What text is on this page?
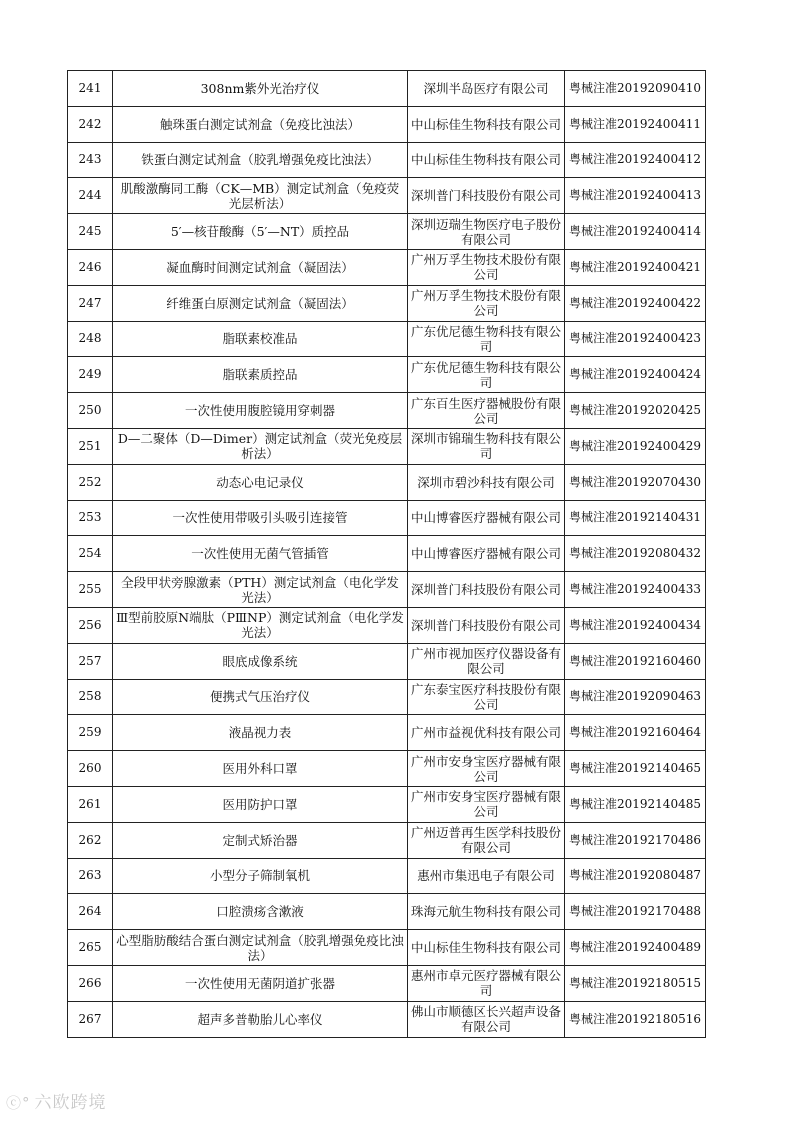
241	308nm紫外光治疗仪	深圳半岛医疗有限公司	粤械注准20192090410
242	触珠蛋白测定试剂盒（免疫比浊法）	中山标佳生物科技有限公司	粤械注准20192400411
243	铁蛋白测定试剂盒（胶乳增强免疫比浊法）	中山标佳生物科技有限公司	粤械注准20192400412
244	肌酸激酶同工酶（CK—MB）测定试剂盒（免疫荧光层析法）	深圳普门科技股份有限公司	粤械注准20192400413
245	5′—核苷酸酶（5′—NT）质控品	深圳迈瑞生物医疗电子股份有限公司	粤械注准20192400414
246	凝血酶时间测定试剂盒（凝固法）	广州万孚生物技术股份有限公司	粤械注准20192400421
247	纤维蛋白原测定试剂盒（凝固法）	广州万孚生物技术股份有限公司	粤械注准20192400422
248	脂联素校准品	广东优尼德生物科技有限公司	粤械注准20192400423
249	脂联素质控品	广东优尼德生物科技有限公司	粤械注准20192400424
250	一次性使用腹腔镜用穿刺器	广东百生医疗器械股份有限公司	粤械注准20192020425
251	D—二聚体（D—Dimer）测定试剂盒（荧光免疫层析法）	深圳市锦瑞生物科技有限公司	粤械注准20192400429
252	动态心电记录仪	深圳市碧沙科技有限公司	粤械注准20192070430
253	一次性使用带吸引头吸引连接管	中山博睿医疗器械有限公司	粤械注准20192140431
254	一次性使用无菌气管插管	中山博睿医疗器械有限公司	粤械注准20192080432
255	全段甲状旁腺激素（PTH）测定试剂盒（电化学发光法）	深圳普门科技股份有限公司	粤械注准20192400433
256	Ⅲ型前胶原N端肽（PⅢNP）测定试剂盒（电化学发光法）	深圳普门科技股份有限公司	粤械注准20192400434
257	眼底成像系统	广州市视加医疗仪器设备有限公司	粤械注准20192160460
258	便携式气压治疗仪	广东泰宝医疗科技股份有限公司	粤械注准20192090463
259	液晶视力表	广州市益视优科技有限公司	粤械注准20192160464
260	医用外科口罩	广州市安身宝医疗器械有限公司	粤械注准20192140465
261	医用防护口罩	广州市安身宝医疗器械有限公司	粤械注准20192140485
262	定制式矫治器	广州迈普再生医学科技股份有限公司	粤械注准20192170486
263	小型分子筛制氧机	惠州市集迅电子有限公司	粤械注准20192080487
264	口腔溃疡含漱液	珠海元航生物科技有限公司	粤械注准20192170488
265	心型脂肪酸结合蛋白测定试剂盒（胶乳增强免疫比浊法）	中山标佳生物科技有限公司	粤械注准20192400489
266	一次性使用无菌阴道扩张器	惠州市卓元医疗器械有限公司	粤械注准20192180515
267	超声多普勒胎儿心率仪	佛山市顺德区长兴超声设备有限公司	粤械注准20192180516
ⓒ° 六欧跨境
